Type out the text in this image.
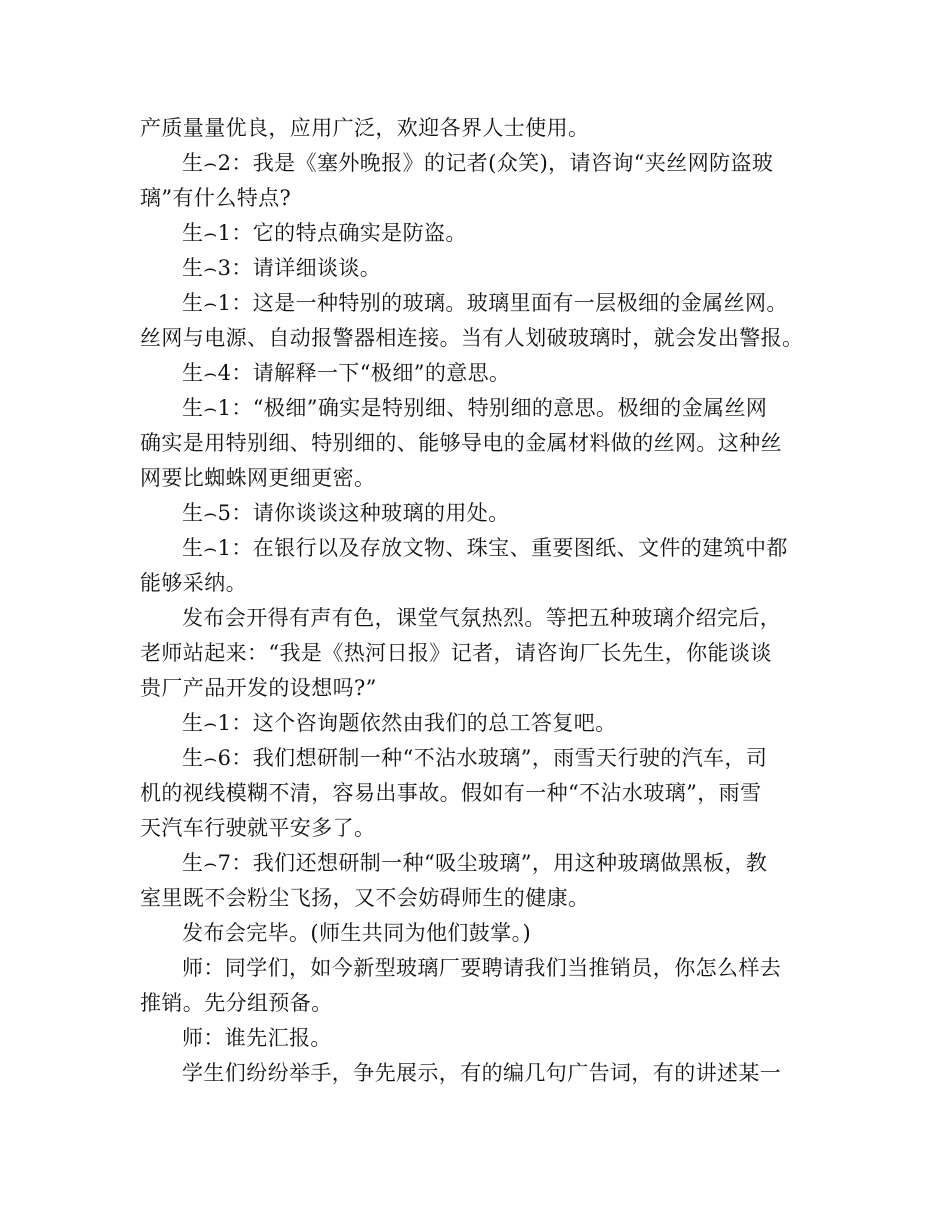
产质量量优良，应用广泛，欢迎各界人士使用。

生⌢2：我是《塞外晚报》的记者(众笑)，请咨询“夹丝网防盗玻
璃”有什么特点?

生⌢1：它的特点确实是防盗。

生⌢3：请详细谈谈。

生⌢1：这是一种特别的玻璃。玻璃里面有一层极细的金属丝网。
丝网与电源、自动报警器相连接。当有人划破玻璃时，就会发出警报。

生⌢4：请解释一下“极细”的意思。

生⌢1：“极细”确实是特别细、特别细的意思。极细的金属丝网
确实是用特别细、特别细的、能够导电的金属材料做的丝网。这种丝
网要比蜘蛛网更细更密。

生⌢5：请你谈谈这种玻璃的用处。

生⌢1：在银行以及存放文物、珠宝、重要图纸、文件的建筑中都
能够采纳。

发布会开得有声有色，课堂气氛热烈。等把五种玻璃介绍完后，
老师站起来：“我是《热河日报》记者，请咨询厂长先生，你能谈谈
贵厂产品开发的设想吗?”

生⌢1：这个咨询题依然由我们的总工答复吧。

生⌢6：我们想研制一种“不沾水玻璃”，雨雪天行驶的汽车，司
机的视线模糊不清，容易出事故。假如有一种“不沾水玻璃”，雨雪
天汽车行驶就平安多了。

生⌢7：我们还想研制一种“吸尘玻璃”，用这种玻璃做黑板，教
室里既不会粉尘飞扬，又不会妨碍师生的健康。

发布会完毕。(师生共同为他们鼓掌。)

师：同学们，如今新型玻璃厂要聘请我们当推销员，你怎么样去
推销。先分组预备。

师：谁先汇报。

学生们纷纷举手，争先展示，有的编几句广告词，有的讲述某一
